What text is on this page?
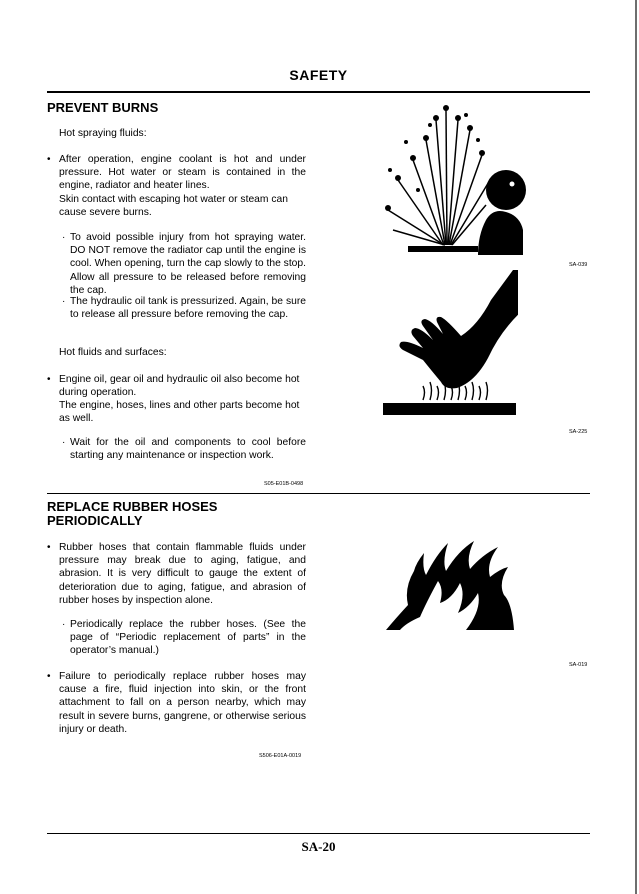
SAFETY
PREVENT BURNS
Hot spraying fluids:
• After operation, engine coolant is hot and under pressure. Hot water or steam is contained in the engine, radiator and heater lines.
Skin contact with escaping hot water or steam can cause severe burns.
· To avoid possible injury from hot spraying water. DO NOT remove the radiator cap until the engine is cool. When opening, turn the cap slowly to the stop. Allow all pressure to be released before removing the cap.
· The hydraulic oil tank is pressurized. Again, be sure to release all pressure before removing the cap.
Hot fluids and surfaces:
• Engine oil, gear oil and hydraulic oil also become hot during operation.
The engine, hoses, lines and other parts become hot as well.
· Wait for the oil and components to cool before starting any maintenance or inspection work.
S05-E01B-0498
SA-039
SA-225
REPLACE RUBBER HOSES
PERIODICALLY
• Rubber hoses that contain flammable fluids under pressure may break due to aging, fatigue, and abrasion. It is very difficult to gauge the extent of deterioration due to aging, fatigue, and abrasion of rubber hoses by inspection alone.
· Periodically replace the rubber hoses. (See the page of “Periodic replacement of parts” in the operator’s manual.)
• Failure to periodically replace rubber hoses may cause a fire, fluid injection into skin, or the front attachment to fall on a person nearby, which may result in severe burns, gangrene, or otherwise serious injury or death.
S506-E01A-0019
SA-019
SA-20
